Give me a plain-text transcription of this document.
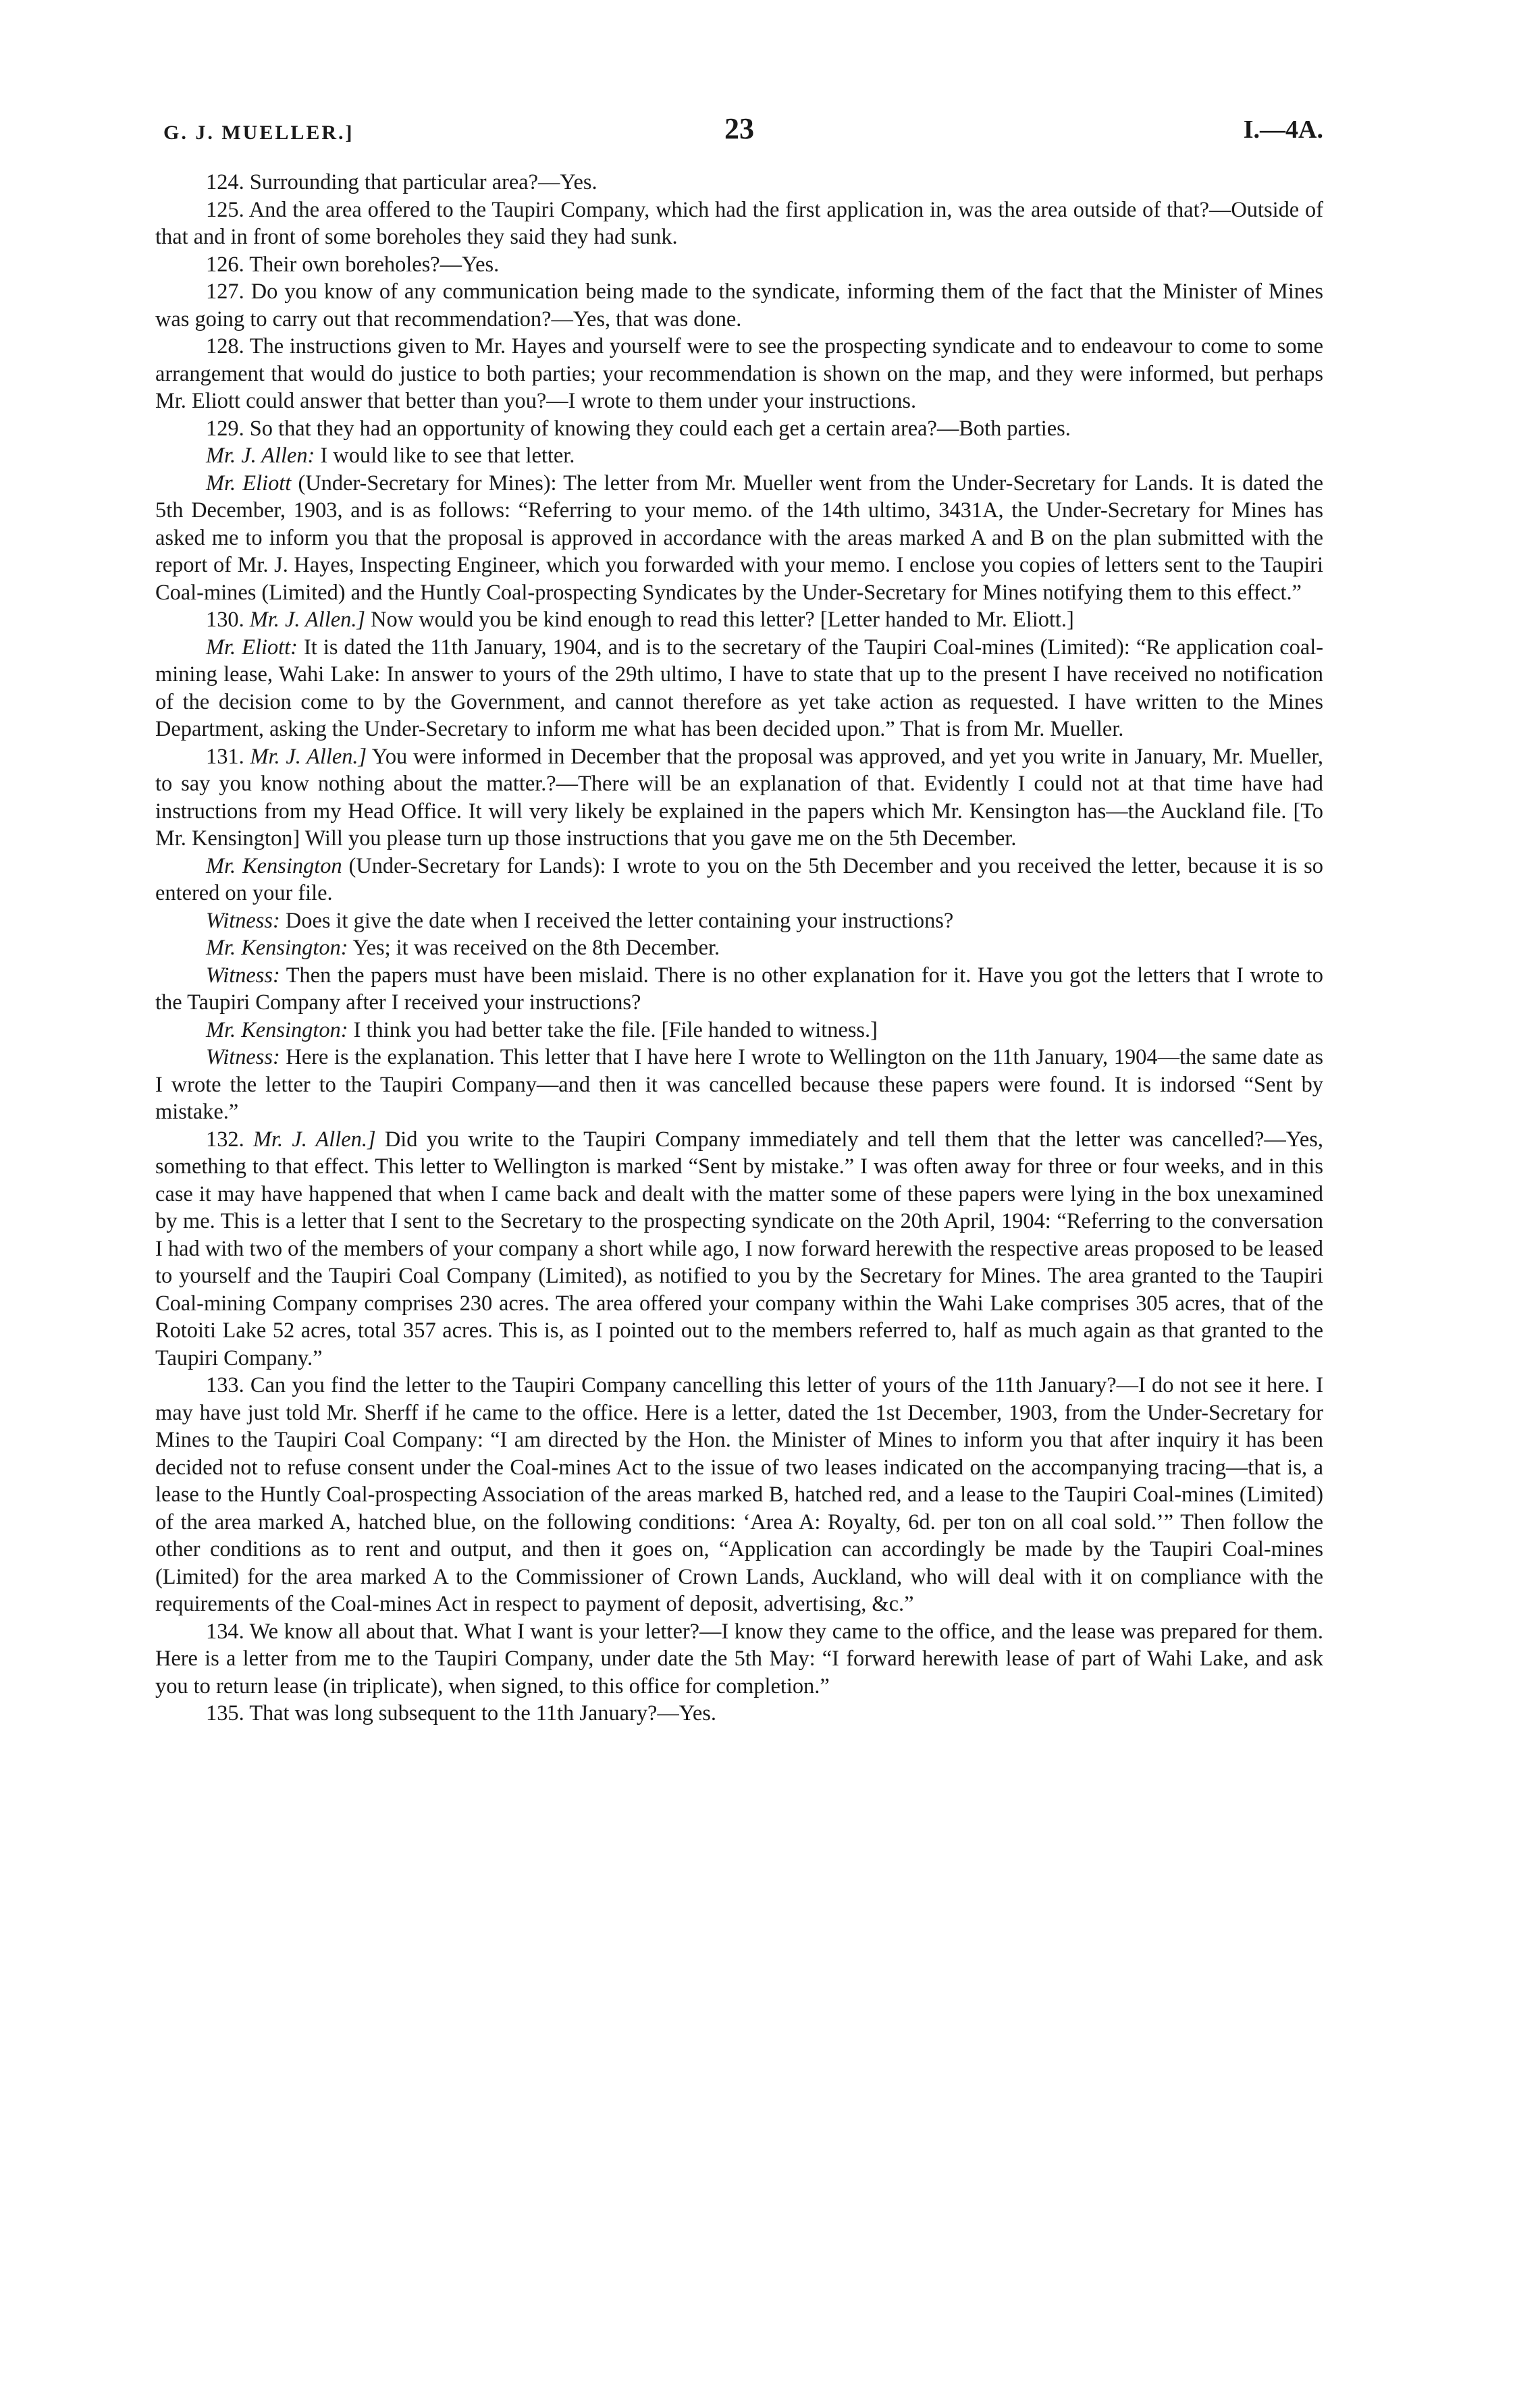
G. J. MUELLER.]	23	I.—4A.

124. Surrounding that particular area?—Yes.

125. And the area offered to the Taupiri Company, which had the first application in, was the area outside of that?—Outside of that and in front of some boreholes they said they had sunk.

126. Their own boreholes?—Yes.

127. Do you know of any communication being made to the syndicate, informing them of the fact that the Minister of Mines was going to carry out that recommendation?—Yes, that was done.

128. The instructions given to Mr. Hayes and yourself were to see the prospecting syndicate and to endeavour to come to some arrangement that would do justice to both parties; your recommendation is shown on the map, and they were informed, but perhaps Mr. Eliott could answer that better than you?—I wrote to them under your instructions.

129. So that they had an opportunity of knowing they could each get a certain area?—Both parties.

Mr. J. Allen: I would like to see that letter.

Mr. Eliott (Under-Secretary for Mines): The letter from Mr. Mueller went from the Under-Secretary for Lands. It is dated the 5th December, 1903, and is as follows: “Referring to your memo. of the 14th ultimo, 3431A, the Under-Secretary for Mines has asked me to inform you that the proposal is approved in accordance with the areas marked A and B on the plan submitted with the report of Mr. J. Hayes, Inspecting Engineer, which you forwarded with your memo. I enclose you copies of letters sent to the Taupiri Coal-mines (Limited) and the Huntly Coal-prospecting Syndicates by the Under-Secretary for Mines notifying them to this effect.”

130. Mr. J. Allen.] Now would you be kind enough to read this letter? [Letter handed to Mr. Eliott.]

Mr. Eliott: It is dated the 11th January, 1904, and is to the secretary of the Taupiri Coal-mines (Limited): “Re application coal-mining lease, Wahi Lake: In answer to yours of the 29th ultimo, I have to state that up to the present I have received no notification of the decision come to by the Government, and cannot therefore as yet take action as requested. I have written to the Mines Department, asking the Under-Secretary to inform me what has been decided upon.” That is from Mr. Mueller.

131. Mr. J. Allen.] You were informed in December that the proposal was approved, and yet you write in January, Mr. Mueller, to say you know nothing about the matter.?—There will be an explanation of that. Evidently I could not at that time have had instructions from my Head Office. It will very likely be explained in the papers which Mr. Kensington has—the Auckland file. [To Mr. Kensington] Will you please turn up those instructions that you gave me on the 5th December.

Mr. Kensington (Under-Secretary for Lands): I wrote to you on the 5th December and you received the letter, because it is so entered on your file.

Witness: Does it give the date when I received the letter containing your instructions?

Mr. Kensington: Yes; it was received on the 8th December.

Witness: Then the papers must have been mislaid. There is no other explanation for it. Have you got the letters that I wrote to the Taupiri Company after I received your instructions?

Mr. Kensington: I think you had better take the file. [File handed to witness.]

Witness: Here is the explanation. This letter that I have here I wrote to Wellington on the 11th January, 1904—the same date as I wrote the letter to the Taupiri Company—and then it was cancelled because these papers were found. It is indorsed “Sent by mistake.”

132. Mr. J. Allen.] Did you write to the Taupiri Company immediately and tell them that the letter was cancelled?—Yes, something to that effect. This letter to Wellington is marked “Sent by mistake.” I was often away for three or four weeks, and in this case it may have happened that when I came back and dealt with the matter some of these papers were lying in the box unexamined by me. This is a letter that I sent to the Secretary to the prospecting syndicate on the 20th April, 1904: “Referring to the conversation I had with two of the members of your company a short while ago, I now forward herewith the respective areas proposed to be leased to yourself and the Taupiri Coal Company (Limited), as notified to you by the Secretary for Mines. The area granted to the Taupiri Coal-mining Company comprises 230 acres. The area offered your company within the Wahi Lake comprises 305 acres, that of the Rotoiti Lake 52 acres, total 357 acres. This is, as I pointed out to the members referred to, half as much again as that granted to the Taupiri Company.”

133. Can you find the letter to the Taupiri Company cancelling this letter of yours of the 11th January?—I do not see it here. I may have just told Mr. Sherff if he came to the office. Here is a letter, dated the 1st December, 1903, from the Under-Secretary for Mines to the Taupiri Coal Company: “I am directed by the Hon. the Minister of Mines to inform you that after inquiry it has been decided not to refuse consent under the Coal-mines Act to the issue of two leases indicated on the accompanying tracing—that is, a lease to the Huntly Coal-prospecting Association of the areas marked B, hatched red, and a lease to the Taupiri Coal-mines (Limited) of the area marked A, hatched blue, on the following conditions: ‘Area A: Royalty, 6d. per ton on all coal sold.’” Then follow the other conditions as to rent and output, and then it goes on, “Application can accordingly be made by the Taupiri Coal-mines (Limited) for the area marked A to the Commissioner of Crown Lands, Auckland, who will deal with it on compliance with the requirements of the Coal-mines Act in respect to payment of deposit, advertising, &c.”

134. We know all about that. What I want is your letter?—I know they came to the office, and the lease was prepared for them. Here is a letter from me to the Taupiri Company, under date the 5th May: “I forward herewith lease of part of Wahi Lake, and ask you to return lease (in triplicate), when signed, to this office for completion.”

135. That was long subsequent to the 11th January?—Yes.
